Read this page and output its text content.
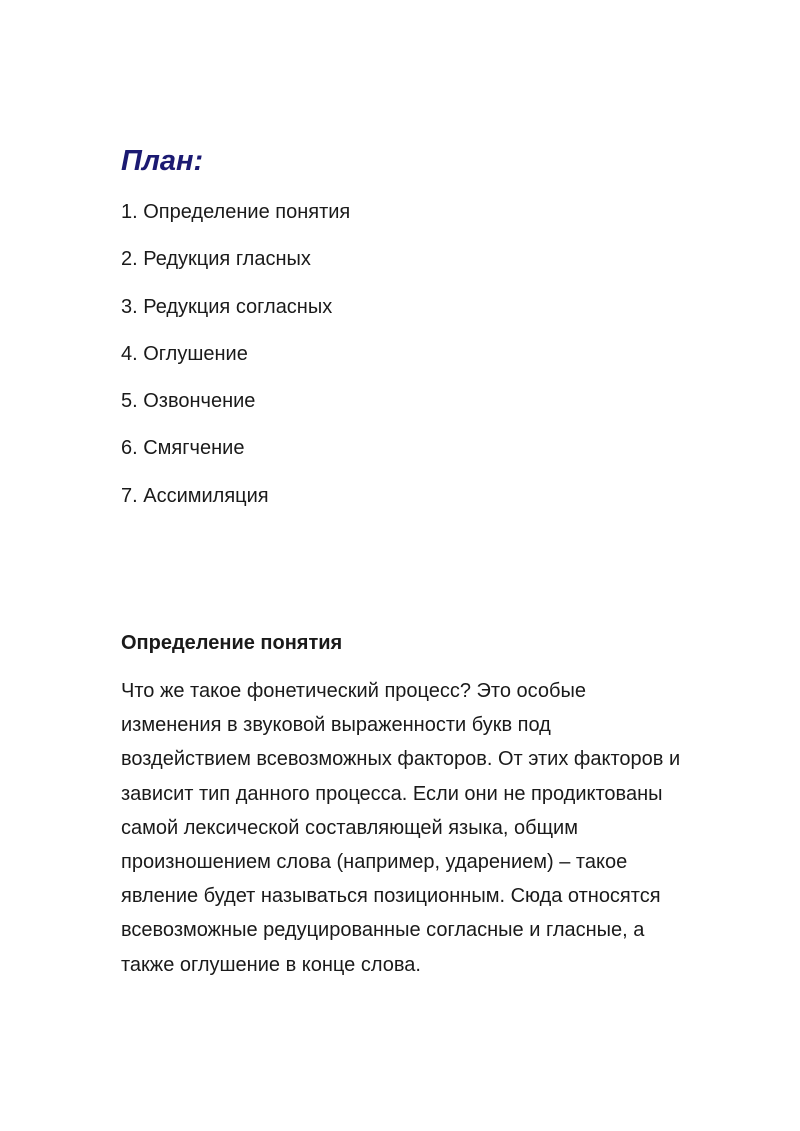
План:
1. Определение понятия
2. Редукция гласных
3. Редукция согласных
4. Оглушение
5. Озвончение
6. Смягчение
7. Ассимиляция
Определение понятия

Что же такое фонетический процесс? Это особые изменения в звуковой выраженности букв под воздействием всевозможных факторов. От этих факторов и зависит тип данного процесса. Если они не продиктованы самой лексической составляющей языка, общим произношением слова (например, ударением) – такое явление будет называться позиционным. Сюда относятся всевозможные редуцированные согласные и гласные, а также оглушение в конце слова.
